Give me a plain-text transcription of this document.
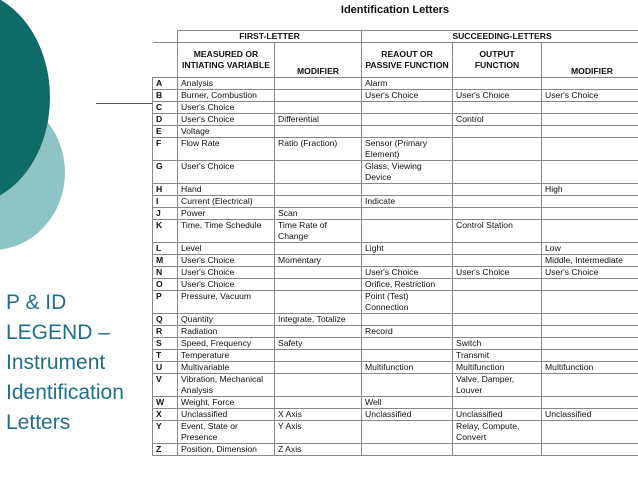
P & ID
LEGEND –
Instrument
Identification
Letters
Identification Letters
	FIRST-LETTER		SUCCEEDING-LETTERS		
	MEASURED OR INTIATING VARIABLE	MODIFIER	REAOUT OR PASSIVE FUNCTION	OUTPUT FUNCTION	MODIFIER
A	Analysis		Alarm		
B	Burner, Combustion		User's Choice	User's Choice	User's Choice
C	User's Choice				
D	User's Choice	Differential		Control	
E	Voltage				
F	Flow Rate	Ratio (Fraction)	Sensor (Primary Element)		
G	User's Choice		Glass, Viewing Device		
H	Hand				High
I	Current (Electrical)		Indicate		
J	Power	Scan			
K	Time, Time Schedule	Time Rate of Change		Control Station	
L	Level		Light		Low
M	User's Choice	Momentary			Middle, Intermediate
N	User's Choice		User's Choice	User's Choice	User's Choice
O	User's Choice		Orifice, Restriction		
P	Pressure, Vacuum		Point (Test) Connection		
Q	Quantity	Integrate, Totalize			
R	Radiation		Record		
S	Speed, Frequency	Safety		Switch	
T	Temperature			Transmit	
U	Multivariable		Multifunction	Multifunction	Multifunction
V	Vibration, Mechanical Analysis			Valve, Damper, Louver	
W	Weight, Force		Well		
X	Unclassified	X Axis	Unclassified	Unclassified	Unclassified
Y	Event, State or Presence	Y Axis		Relay, Compute, Convert	
Z	Position, Dimension	Z Axis			
